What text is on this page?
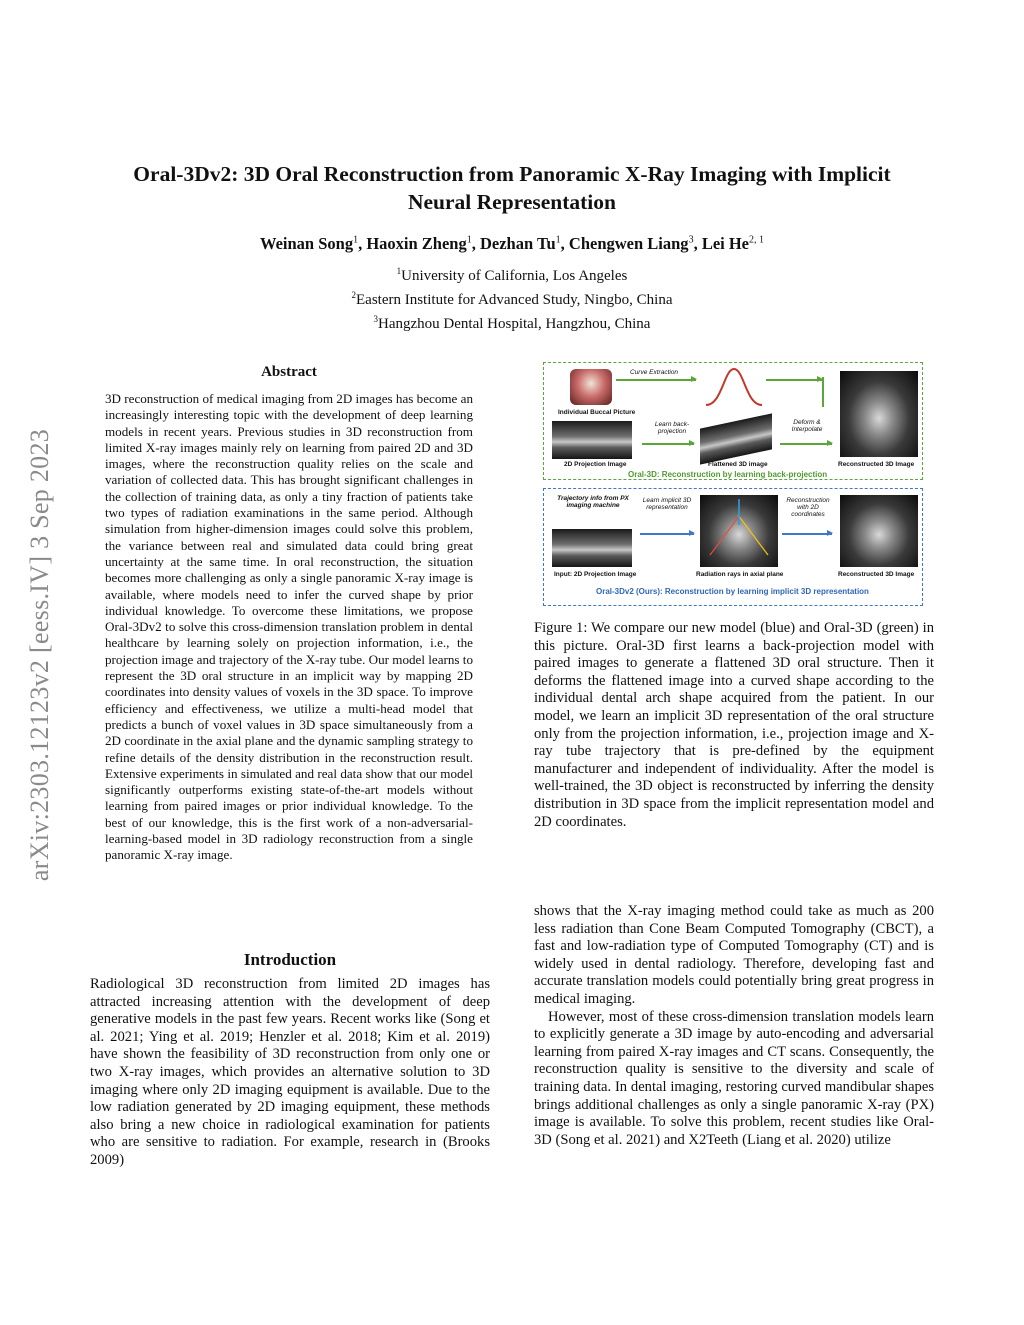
arXiv:2303.12123v2 [eess.IV] 3 Sep 2023
Oral-3Dv2: 3D Oral Reconstruction from Panoramic X-Ray Imaging with Implicit
Neural Representation
Weinan Song$^1$, Haoxin Zheng$^1$, Dezhan Tu$^1$, Chengwen Liang$^3$, Lei He$^{2, 1}$
$^1$University of California, Los Angeles
$^2$Eastern Institute for Advanced Study, Ningbo, China
$^3$Hangzhou Dental Hospital, Hangzhou, China
Abstract
3D reconstruction of medical imaging from 2D images has become an increasingly interesting topic with the development of deep learning models in recent years. Previous studies in 3D reconstruction from limited X-ray images mainly rely on learning from paired 2D and 3D images, where the reconstruction quality relies on the scale and variation of collected data. This has brought significant challenges in the collection of training data, as only a tiny fraction of patients take two types of radiation examinations in the same period. Although simulation from higher-dimension images could solve this problem, the variance between real and simulated data could bring great uncertainty at the same time. In oral reconstruction, the situation becomes more challenging as only a single panoramic X-ray image is available, where models need to infer the curved shape by prior individual knowledge. To overcome these limitations, we propose Oral-3Dv2 to solve this cross-dimension translation problem in dental healthcare by learning solely on projection information, i.e., the projection image and trajectory of the X-ray tube. Our model learns to represent the 3D oral structure in an implicit way by mapping 2D coordinates into density values of voxels in the 3D space. To improve efficiency and effectiveness, we utilize a multi-head model that predicts a bunch of voxel values in 3D space simultaneously from a 2D coordinate in the axial plane and the dynamic sampling strategy to refine details of the density distribution in the reconstruction result. Extensive experiments in simulated and real data show that our model significantly outperforms existing state-of-the-art models without learning from paired images or prior individual knowledge. To the best of our knowledge, this is the first work of a non-adversarial-learning-based model in 3D radiology reconstruction from a single panoramic X-ray image.
Introduction
Radiological 3D reconstruction from limited 2D images has attracted increasing attention with the development of deep generative models in the past few years. Recent works like (Song et al. 2021; Ying et al. 2019; Henzler et al. 2018; Kim et al. 2019) have shown the feasibility of 3D reconstruction from only one or two X-ray images, which provides an alternative solution to 3D imaging where only 2D imaging equipment is available. Due to the low radiation generated by 2D imaging equipment, these methods also bring a new choice in radiological examination for patients who are sensitive to radiation. For example, research in (Brooks 2009)
Curve Extraction
Individual Buccal Picture
2D Projection Image
Learn back-projection
Flattened 3D image
Deform & Interpolate
Reconstructed 3D Image
Oral-3D: Reconstruction by learning back-projection
Trajectory info from PX imaging machine
Input: 2D Projection Image
Learn implicit 3D representation
Radiation rays in axial plane
Reconstruction with 2D coordinates
Reconstructed 3D Image
Oral-3Dv2 (Ours): Reconstruction by learning implicit 3D representation
Figure 1: We compare our new model (blue) and Oral-3D (green) in this picture. Oral-3D first learns a back-projection model with paired images to generate a flattened 3D oral structure. Then it deforms the flattened image into a curved shape according to the individual dental arch shape acquired from the patient. In our model, we learn an implicit 3D representation of the oral structure only from the projection information, i.e., projection image and X-ray tube trajectory that is pre-defined by the equipment manufacturer and independent of individuality. After the model is well-trained, the 3D object is reconstructed by inferring the density distribution in 3D space from the implicit representation model and 2D coordinates.

shows that the X-ray imaging method could take as much as 200 less radiation than Cone Beam Computed Tomography (CBCT), a fast and low-radiation type of Computed Tomography (CT) and is widely used in dental radiology. Therefore, developing fast and accurate translation models could potentially bring great progress in medical imaging.

However, most of these cross-dimension translation models learn to explicitly generate a 3D image by auto-encoding and adversarial learning from paired X-ray images and CT scans. Consequently, the reconstruction quality is sensitive to the diversity and scale of training data. In dental imaging, restoring curved mandibular shapes brings additional challenges as only a single panoramic X-ray (PX) image is available. To solve this problem, recent studies like Oral-3D (Song et al. 2021) and X2Teeth (Liang et al. 2020) utilize
